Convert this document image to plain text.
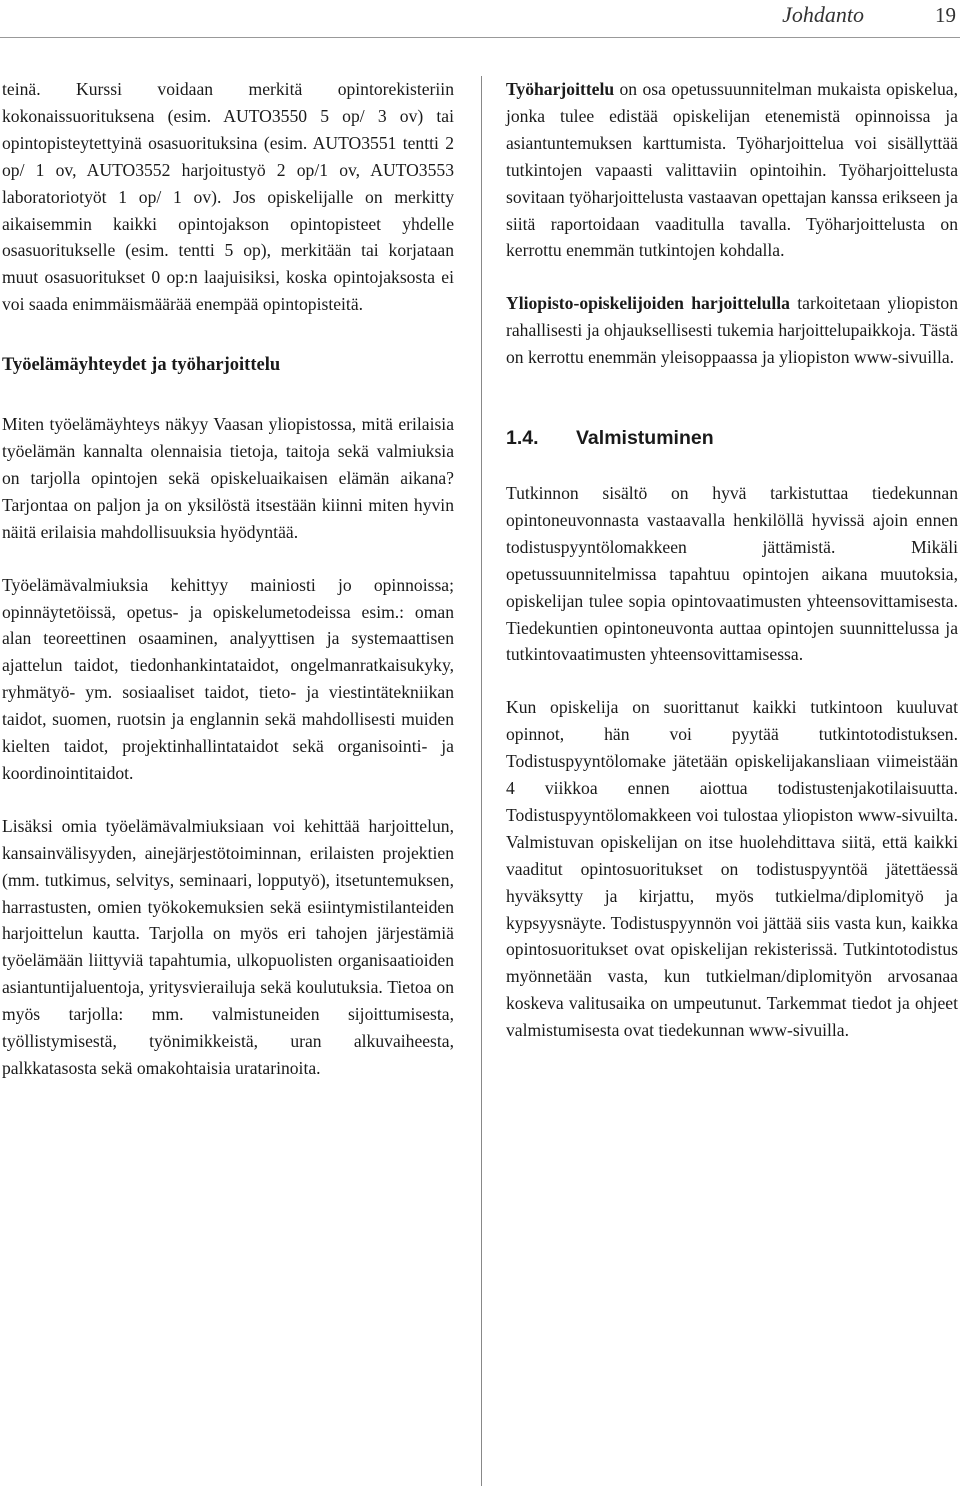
Johdanto	19

teinä. Kurssi voidaan merkitä opintorekisteriin kokonaissuorituksena (esim. AUTO3550 5 op/ 3 ov) tai opintopisteytettyinä osasuorituksina (esim. AUTO3551 tentti 2 op/ 1 ov, AUTO3552 harjoitustyö 2 op/1 ov, AUTO3553 laboratoriotyöt 1 op/ 1 ov). Jos opiskelijalle on merkitty aikaisemmin kaikki opintojakson opintopisteet yhdelle osasuoritukselle (esim. tentti 5 op), merkitään tai korjataan muut osasuoritukset 0 op:n laajuisiksi, koska opintojaksosta ei voi saada enimmäismäärää enempää opintopisteitä.

Työelämäyhteydet ja työharjoittelu

Miten työelämäyhteys näkyy Vaasan yliopistossa, mitä erilaisia työelämän kannalta olennaisia tietoja, taitoja sekä valmiuksia on tarjolla opintojen sekä opiskeluaikaisen elämän aikana? Tarjontaa on paljon ja on yksilöstä itsestään kiinni miten hyvin näitä erilaisia mahdollisuuksia hyödyntää.

Työelämävalmiuksia kehittyy mainiosti jo opinnoissa; opinnäytetöissä, opetus- ja opiskelumetodeissa esim.: oman alan teoreettinen osaaminen, analyyttisen ja systemaattisen ajattelun taidot, tiedonhankintataidot, ongelmanratkaisukyky, ryhmätyö- ym. sosiaaliset taidot, tieto- ja viestintätekniikan taidot, suomen, ruotsin ja englannin sekä mahdollisesti muiden kielten taidot, projektinhallintataidot sekä organisointi- ja koordinointitaidot.

Lisäksi omia työelämävalmiuksiaan voi kehittää harjoittelun, kansainvälisyyden, ainejärjestötoiminnan, erilaisten projektien (mm. tutkimus, selvitys, seminaari, lopputyö), itsetuntemuksen, harrastusten, omien työkokemuksien sekä esiintymistilanteiden harjoittelun kautta. Tarjolla on myös eri tahojen järjestämiä työelämään liittyviä tapahtumia, ulkopuolisten organisaatioiden asiantuntijaluentoja, yritysvierailuja sekä koulutuksia. Tietoa on myös tarjolla: mm. valmistuneiden sijoittumisesta, työllistymisestä, työnimikkeistä, uran alkuvaiheesta, palkkatasosta sekä omakohtaisia uratarinoita.

Työharjoittelu on osa opetussuunnitelman mukaista opiskelua, jonka tulee edistää opiskelijan etenemistä opinnoissa ja asiantuntemuksen karttumista. Työharjoittelua voi sisällyttää tutkintojen vapaasti valittaviin opintoihin. Työharjoittelusta sovitaan työharjoittelusta vastaavan opettajan kanssa erikseen ja siitä raportoidaan vaaditulla tavalla. Työharjoittelusta on kerrottu enemmän tutkintojen kohdalla.

Yliopisto-opiskelijoiden harjoittelulla tarkoitetaan yliopiston rahallisesti ja ohjauksellisesti tukemia harjoittelupaikkoja. Tästä on kerrottu enemmän yleisoppaassa ja yliopiston www-sivuilla.

1.4. Valmistuminen

Tutkinnon sisältö on hyvä tarkistuttaa tiedekunnan opintoneuvonnasta vastaavalla henkilöllä hyvissä ajoin ennen todistuspyyntölomakkeen jättämistä. Mikäli opetussuunnitelmissa tapahtuu opintojen aikana muutoksia, opiskelijan tulee sopia opintovaatimusten yhteensovittamisesta. Tiedekuntien opintoneuvonta auttaa opintojen suunnittelussa ja tutkintovaatimusten yhteensovittamisessa.

Kun opiskelija on suorittanut kaikki tutkintoon kuuluvat opinnot, hän voi pyytää tutkintotodistuksen. Todistuspyyntölomake jätetään opiskelijakansliaan viimeistään 4 viikkoa ennen aiottua todistustenjakotilaisuutta. Todistuspyyntölomakkeen voi tulostaa yliopiston www-sivuilta. Valmistuvan opiskelijan on itse huolehdittava siitä, että kaikki vaaditut opintosuoritukset on todistuspyyntöä jätettäessä hyväksytty ja kirjattu, myös tutkielma/diplomityö ja kypsyysnäyte. Todistuspyynnön voi jättää siis vasta kun, kaikka opintosuoritukset ovat opiskelijan rekisterissä. Tutkintotodistus myönnetään vasta, kun tutkielman/diplomityön arvosanaa koskeva valitusaika on umpeutunut. Tarkemmat tiedot ja ohjeet valmistumisesta ovat tiedekunnan www-sivuilla.
